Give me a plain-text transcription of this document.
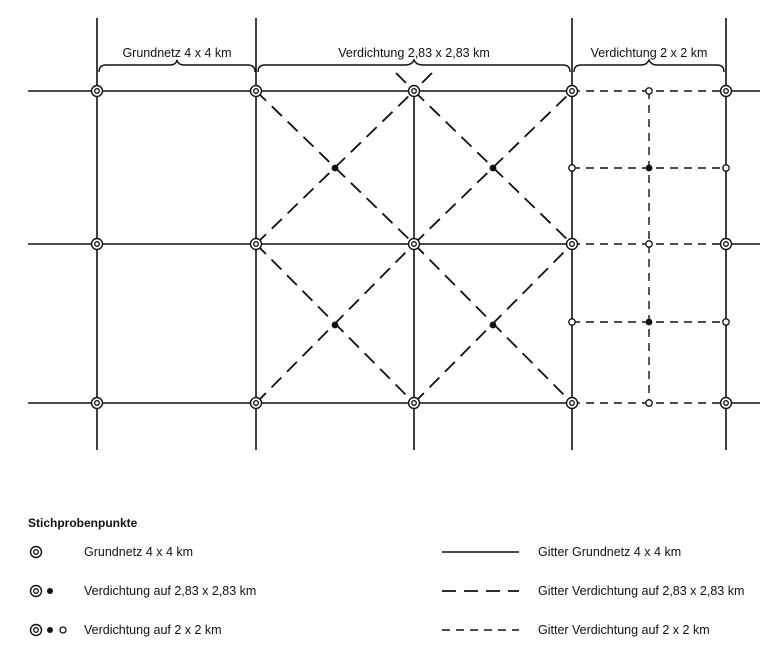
Grundnetz 4 x 4 km	Verdichtung 2,83 x 2,83 km	Verdichtung 2 x 2 km
Stichprobenpunkte
Grundnetz 4 x 4 km
Verdichtung auf 2,83 x 2,83 km
Verdichtung auf 2 x 2 km
Gitter Grundnetz 4 x 4 km
Gitter Verdichtung auf 2,83 x 2,83 km
Gitter Verdichtung auf 2 x 2 km
